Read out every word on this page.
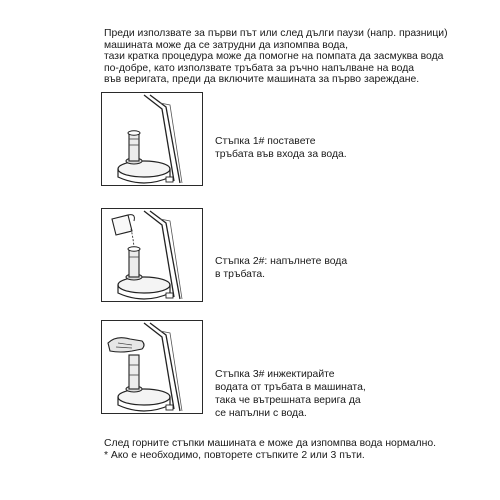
Преди използвате за първи път или след дълги паузи (напр. празници)
машината може да се затрудни да изпомпва вода,
тази кратка процедура може да помогне на помпата да засмуква вода
по-добре, като използвате тръбата за ръчно напълване на вода
във веригата, преди да включите машината за първо зареждане.
Стъпка 1# поставете
тръбата във входа за вода.
Стъпка 2#: напълнете вода
в тръбата.
Стъпка 3# инжектирайте
водата от тръбата в машината,
така че вътрешната верига да
се напълни с вода.
След горните стъпки машината е може да изпомпва вода нормално.
* Ако е необходимо, повторете стъпките 2 или 3 пъти.
